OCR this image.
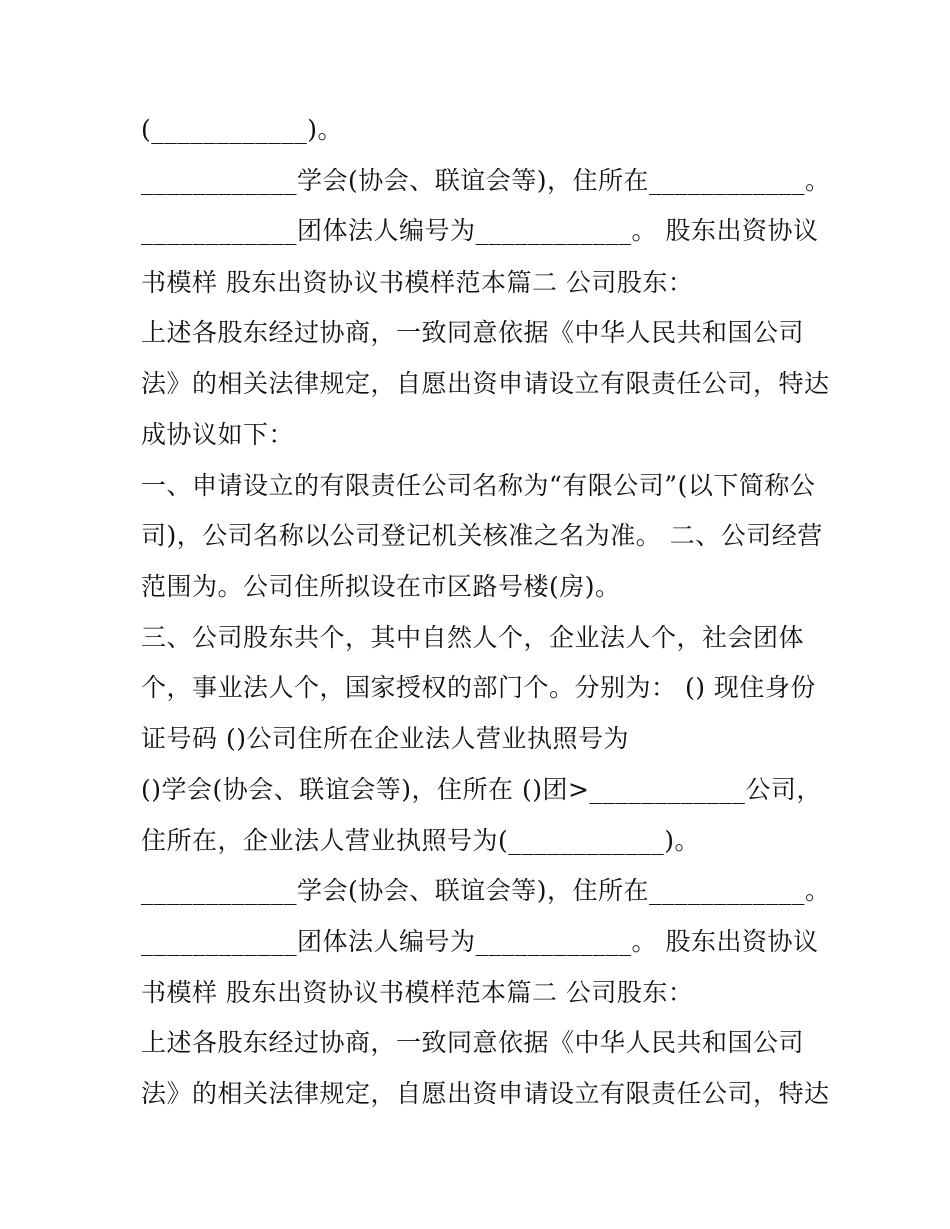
(____________)。
____________学会(协会、联谊会等)，住所在____________。
____________团体法人编号为____________。 股东出资协议
书模样 股东出资协议书模样范本篇二 公司股东：
上述各股东经过协商，一致同意依据《中华人民共和国公司
法》的相关法律规定，自愿出资申请设立有限责任公司，特达
成协议如下：
一、申请设立的有限责任公司名称为“有限公司”(以下简称公
司)，公司名称以公司登记机关核准之名为准。 二、公司经营
范围为。公司住所拟设在市区路号楼(房)。
三、公司股东共个，其中自然人个，企业法人个，社会团体
个，事业法人个，国家授权的部门个。分别为： () 现住身份
证号码 ()公司住所在企业法人营业执照号为
()学会(协会、联谊会等)，住所在 ()团>____________公司，
住所在，企业法人营业执照号为(____________)。
____________学会(协会、联谊会等)，住所在____________。
____________团体法人编号为____________。 股东出资协议
书模样 股东出资协议书模样范本篇二 公司股东：
上述各股东经过协商，一致同意依据《中华人民共和国公司
法》的相关法律规定，自愿出资申请设立有限责任公司，特达
